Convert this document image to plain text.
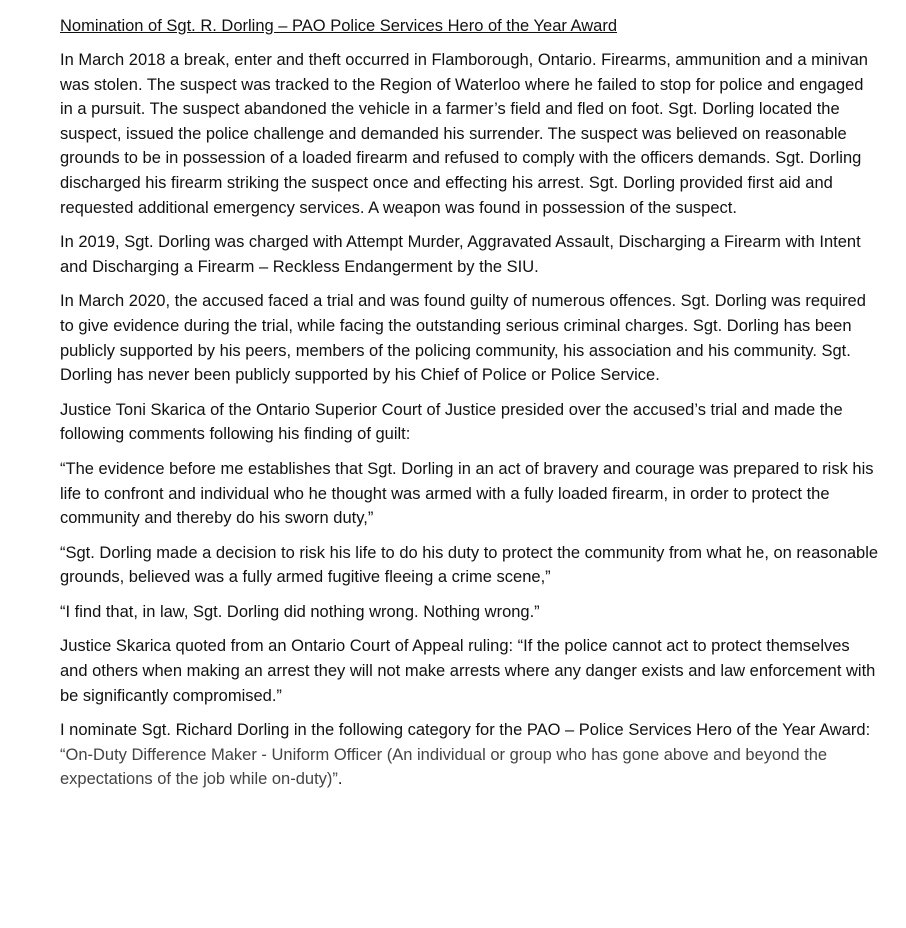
Nomination of Sgt. R. Dorling – PAO Police Services Hero of the Year Award

In March 2018 a break, enter and theft occurred in Flamborough, Ontario. Firearms, ammunition and a minivan was stolen. The suspect was tracked to the Region of Waterloo where he failed to stop for police and engaged in a pursuit. The suspect abandoned the vehicle in a farmer’s field and fled on foot. Sgt. Dorling located the suspect, issued the police challenge and demanded his surrender. The suspect was believed on reasonable grounds to be in possession of a loaded firearm and refused to comply with the officers demands. Sgt. Dorling discharged his firearm striking the suspect once and effecting his arrest. Sgt. Dorling provided first aid and requested additional emergency services. A weapon was found in possession of the suspect.

In 2019, Sgt. Dorling was charged with Attempt Murder, Aggravated Assault, Discharging a Firearm with Intent and Discharging a Firearm – Reckless Endangerment by the SIU.

In March 2020, the accused faced a trial and was found guilty of numerous offences. Sgt. Dorling was required to give evidence during the trial, while facing the outstanding serious criminal charges. Sgt. Dorling has been publicly supported by his peers, members of the policing community, his association and his community. Sgt. Dorling has never been publicly supported by his Chief of Police or Police Service.

Justice Toni Skarica of the Ontario Superior Court of Justice presided over the accused’s trial and made the following comments following his finding of guilt:

“The evidence before me establishes that Sgt. Dorling in an act of bravery and courage was prepared to risk his life to confront and individual who he thought was armed with a fully loaded firearm, in order to protect the community and thereby do his sworn duty,”

“Sgt. Dorling made a decision to risk his life to do his duty to protect the community from what he, on reasonable grounds, believed was a fully armed fugitive fleeing a crime scene,”

“I find that, in law, Sgt. Dorling did nothing wrong. Nothing wrong.”

Justice Skarica quoted from an Ontario Court of Appeal ruling: “If the police cannot act to protect themselves and others when making an arrest they will not make arrests where any danger exists and law enforcement with be significantly compromised.”

I nominate Sgt. Richard Dorling in the following category for the PAO – Police Services Hero of the Year Award: “On-Duty Difference Maker - Uniform Officer (An individual or group who has gone above and beyond the expectations of the job while on-duty)”.
